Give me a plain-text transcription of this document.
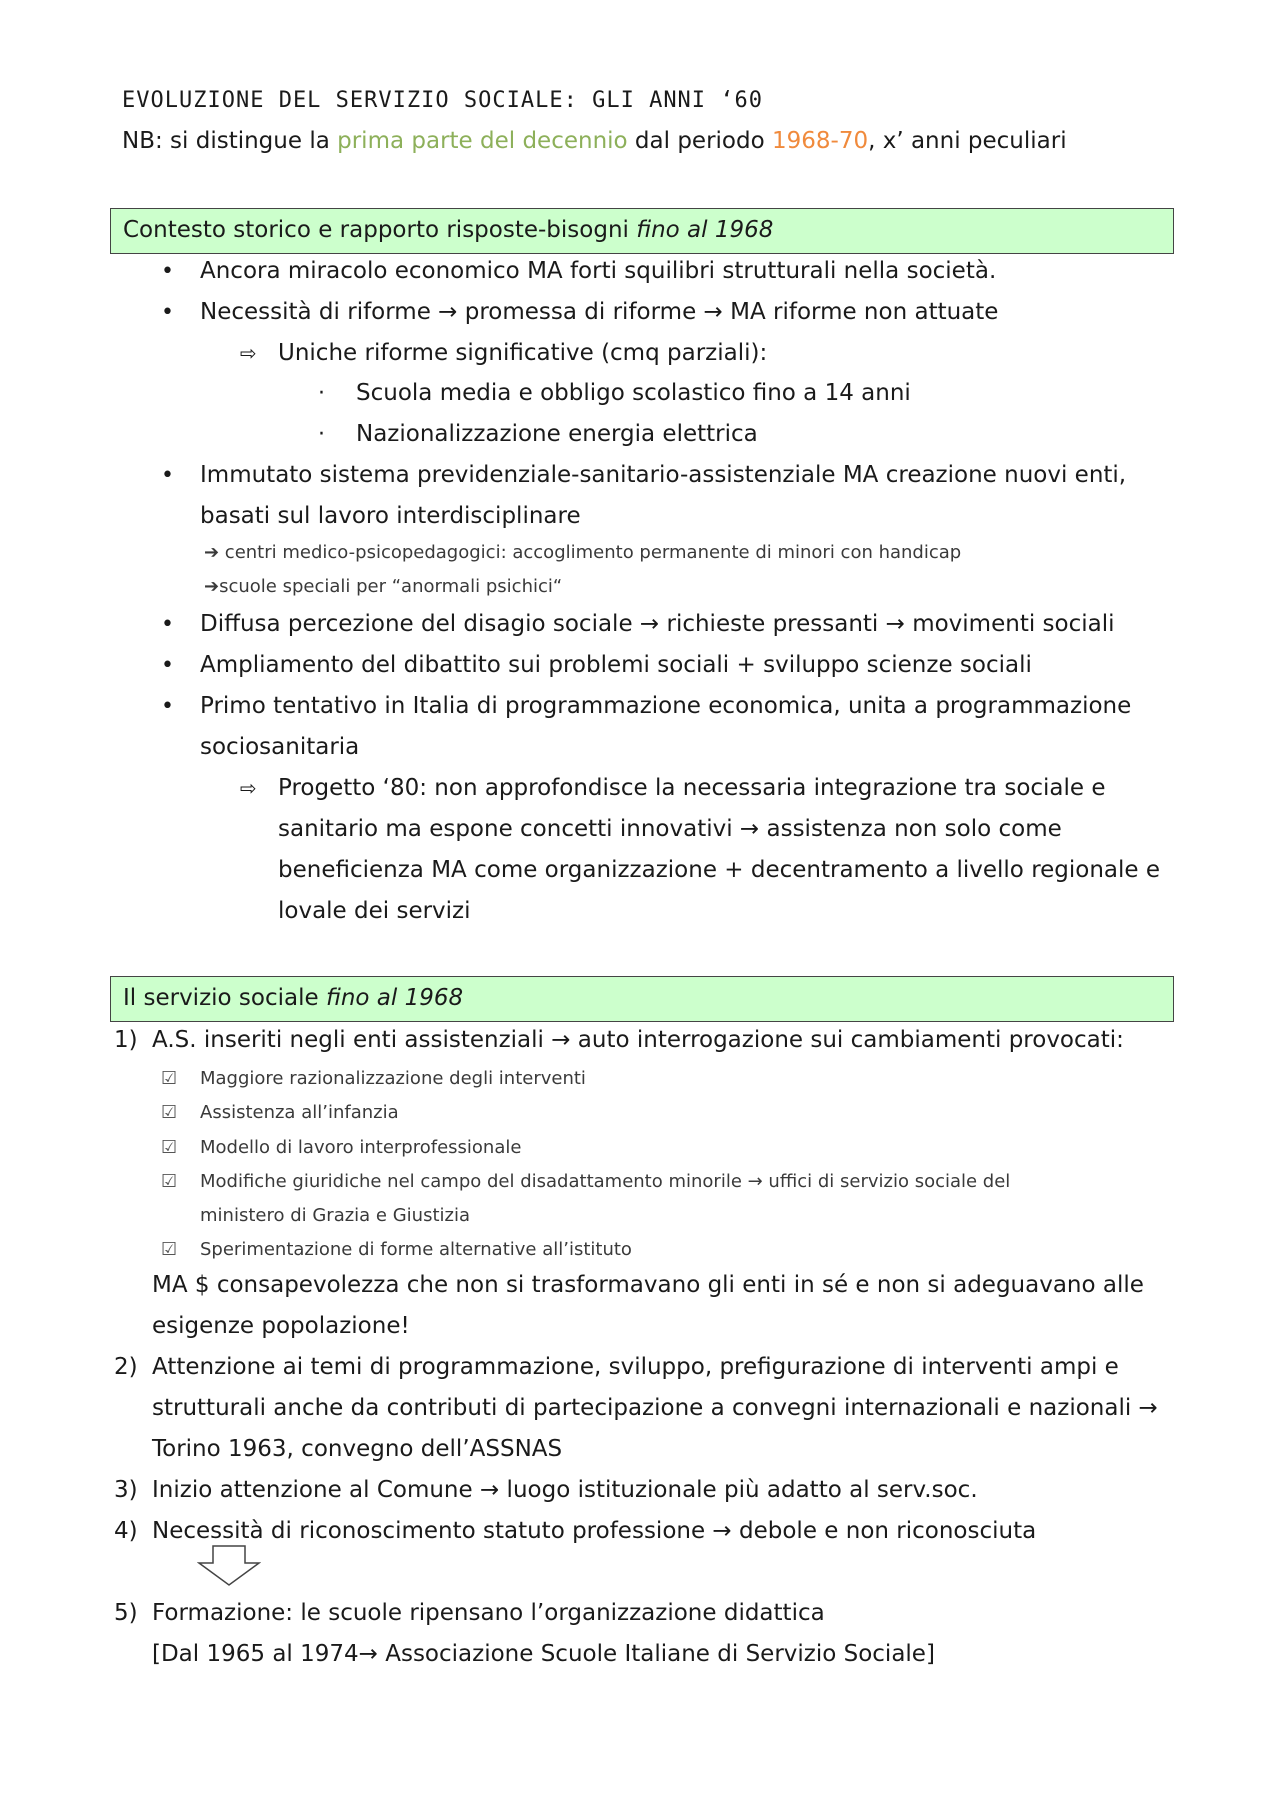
EVOLUZIONE DEL SERVIZIO SOCIALE: GLI ANNI ‘60
NB: si distingue la prima parte del decennio dal periodo 1968-70, x’ anni peculiari
Contesto storico e rapporto risposte-bisogni fino al 1968
• Ancora miracolo economico MA forti squilibri strutturali nella società.
• Necessità di riforme → promessa di riforme → MA riforme non attuate
⇨ Uniche riforme significative (cmq parziali):
· Scuola media e obbligo scolastico fino a 14 anni
· Nazionalizzazione energia elettrica
• Immutato sistema previdenziale-sanitario-assistenziale MA creazione nuovi enti,
basati sul lavoro interdisciplinare
➔ centri medico-psicopedagogici: accoglimento permanente di minori con handicap
➔scuole speciali per “anormali psichici“
• Diffusa percezione del disagio sociale → richieste pressanti → movimenti sociali
• Ampliamento del dibattito sui problemi sociali + sviluppo scienze sociali
• Primo tentativo in Italia di programmazione economica, unita a programmazione
sociosanitaria
⇨ Progetto ‘80: non approfondisce la necessaria integrazione tra sociale e
sanitario ma espone concetti innovativi → assistenza non solo come
beneficienza MA come organizzazione + decentramento a livello regionale e
lovale dei servizi
Il servizio sociale fino al 1968
1) A.S. inseriti negli enti assistenziali → auto interrogazione sui cambiamenti provocati:
☑ Maggiore razionalizzazione degli interventi
☑ Assistenza all’infanzia
☑ Modello di lavoro interprofessionale
☑ Modifiche giuridiche nel campo del disadattamento minorile → uffici di servizio sociale del
ministero di Grazia e Giustizia
☑ Sperimentazione di forme alternative all’istituto
MA $ consapevolezza che non si trasformavano gli enti in sé e non si adeguavano alle
esigenze popolazione!
2) Attenzione ai temi di programmazione, sviluppo, prefigurazione di interventi ampi e
strutturali anche da contributi di partecipazione a convegni internazionali e nazionali →
Torino 1963, convegno dell’ASSNAS
3) Inizio attenzione al Comune → luogo istituzionale più adatto al serv.soc.
4) Necessità di riconoscimento statuto professione → debole e non riconosciuta
5) Formazione: le scuole ripensano l’organizzazione didattica
[Dal 1965 al 1974→ Associazione Scuole Italiane di Servizio Sociale]
